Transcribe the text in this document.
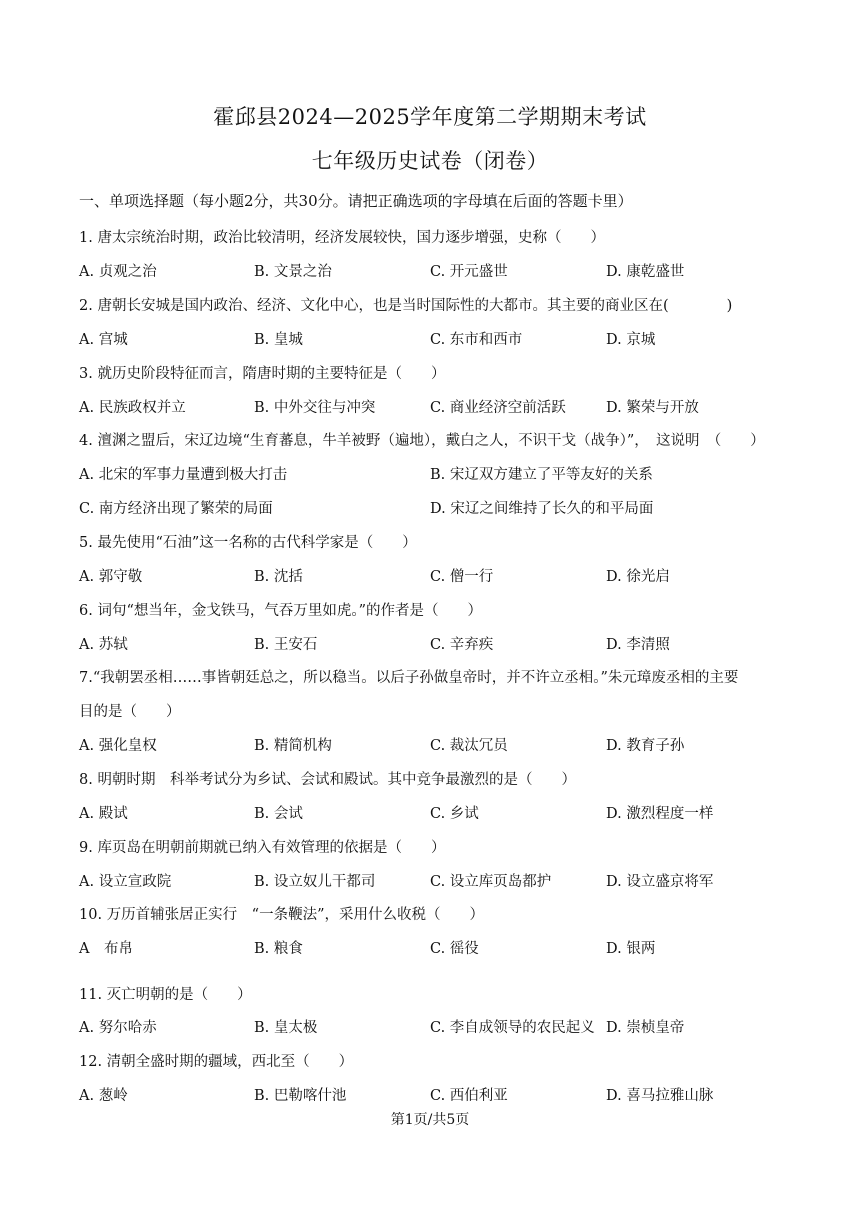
霍邱县2024—2025学年度第二学期期末考试
七年级历史试卷（闭卷）
一、单项选择题（每小题2分，共30分。请把正确选项的字母填在后面的答题卡里）
1. 唐太宗统治时期，政治比较清明，经济发展较快，国力逐步增强，史称（　　）
A. 贞观之治	B. 文景之治	C. 开元盛世	D. 康乾盛世
2. 唐朝长安城是国内政治、经济、文化中心，也是当时国际性的大都市。其主要的商业区在(　　　　)
A. 宫城	B. 皇城	C. 东市和西市	D. 京城
3. 就历史阶段特征而言，隋唐时期的主要特征是（　　）
A. 民族政权并立	B. 中外交往与冲突	C. 商业经济空前活跃	D. 繁荣与开放
4. 澶渊之盟后，宋辽边境“生育蕃息，牛羊被野（遍地），戴白之人，不识干戈（战争）”，　这说明　（　　）
A. 北宋的军事力量遭到极大打击	B. 宋辽双方建立了平等友好的关系
C. 南方经济出现了繁荣的局面	D. 宋辽之间维持了长久的和平局面
5. 最先使用“石油”这一名称的古代科学家是（　　）
A. 郭守敬	B. 沈括	C. 僧一行	D. 徐光启
6. 词句“想当年，金戈铁马，气吞万里如虎。”的作者是（　　）
A. 苏轼	B. 王安石	C. 辛弃疾	D. 李清照
7.“我朝罢丞相……事皆朝廷总之，所以稳当。以后子孙做皇帝时，并不许立丞相。”朱元璋废丞相的主要
目的是（　　）
A. 强化皇权	B. 精简机构	C. 裁汰冗员	D. 教育子孙
8. 明朝时期　科举考试分为乡试、会试和殿试。其中竞争最激烈的是（　　）
A. 殿试	B. 会试	C. 乡试	D. 激烈程度一样
9. 库页岛在明朝前期就已纳入有效管理的依据是（　　）
A. 设立宣政院	B. 设立奴儿干都司	C. 设立库页岛都护	D. 设立盛京将军
10. 万历首辅张居正实行　“一条鞭法”，采用什么收税（　　）
A　布帛	B. 粮食	C. 徭役	D. 银两
11. 灭亡明朝的是（　　）
A. 努尔哈赤	B. 皇太极	C. 李自成领导的农民起义 D. 崇桢皇帝
12. 清朝全盛时期的疆域，西北至（　　）
A. 葱岭	B. 巴勒喀什池	C. 西伯利亚	D. 喜马拉雅山脉
第1页/共5页
